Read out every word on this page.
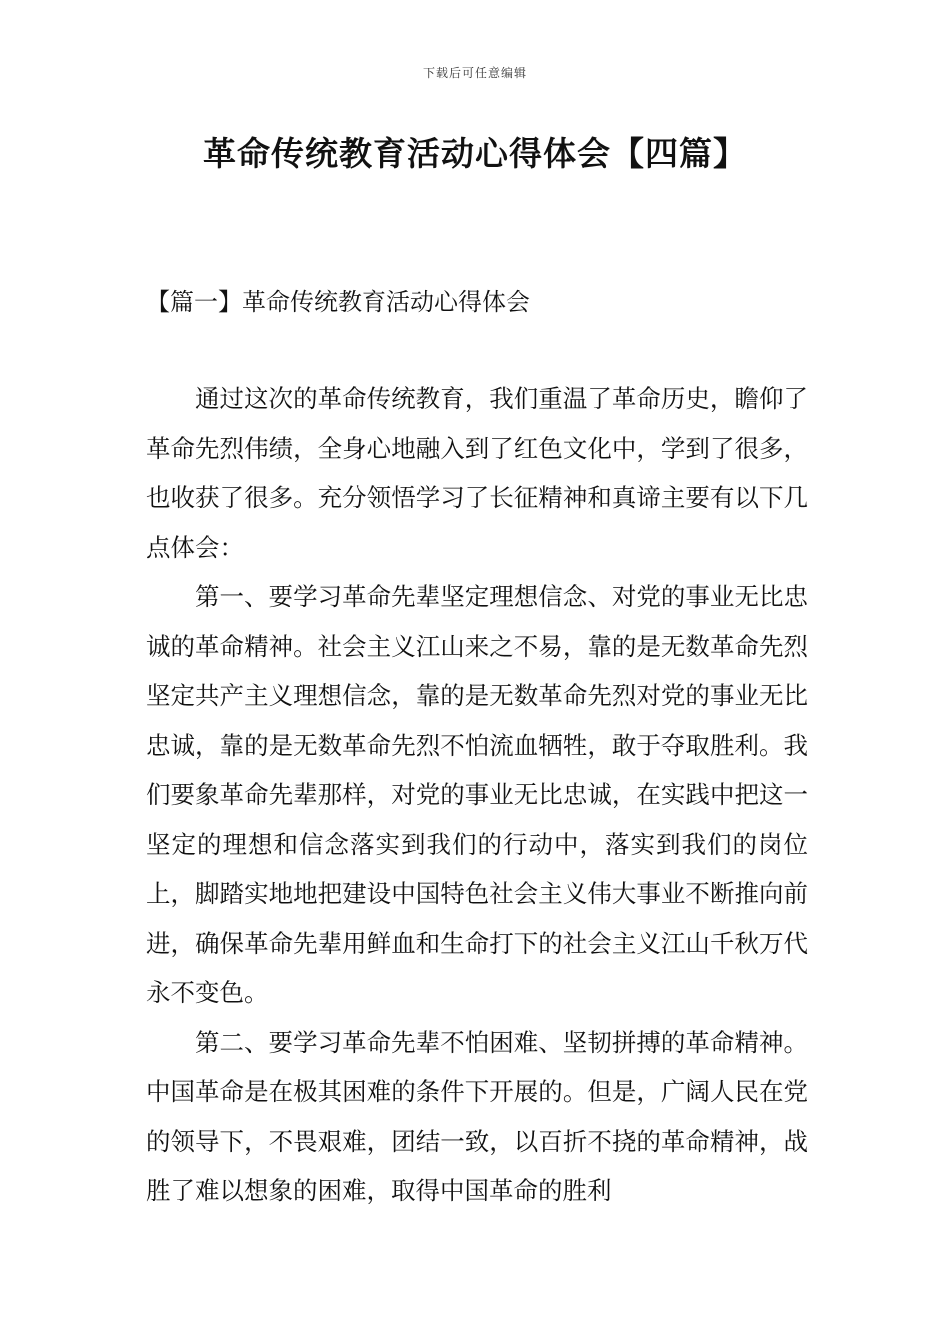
下载后可任意编辑
革命传统教育活动心得体会【四篇】
【篇一】革命传统教育活动心得体会

通过这次的革命传统教育，我们重温了革命历史，瞻仰了革命先烈伟绩，全身心地融入到了红色文化中，学到了很多，也收获了很多。充分领悟学习了长征精神和真谛主要有以下几点体会：

第一、要学习革命先辈坚定理想信念、对党的事业无比忠诚的革命精神。社会主义江山来之不易，靠的是无数革命先烈坚定共产主义理想信念，靠的是无数革命先烈对党的事业无比忠诚，靠的是无数革命先烈不怕流血牺牲，敢于夺取胜利。我们要象革命先辈那样，对党的事业无比忠诚，在实践中把这一坚定的理想和信念落实到我们的行动中，落实到我们的岗位上，脚踏实地地把建设中国特色社会主义伟大事业不断推向前进，确保革命先辈用鲜血和生命打下的社会主义江山千秋万代永不变色。

第二、要学习革命先辈不怕困难、坚韧拼搏的革命精神。中国革命是在极其困难的条件下开展的。但是，广阔人民在党的领导下，不畏艰难，团结一致，以百折不挠的革命精神，战胜了难以想象的困难，取得中国革命的胜利
